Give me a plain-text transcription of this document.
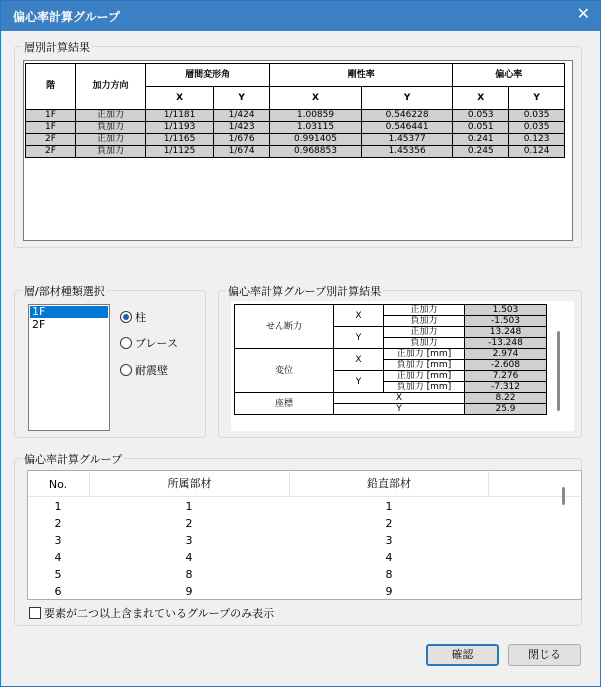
偏心率計算グループ	✕
層別計算結果
階	加力方向	層間変形角		剛性率		偏心率	
		X	Y	X	Y	X	Y
1F	正加力	1/1181	1/424	1.00859	0.546228	0.053	0.035
1F	負加力	1/1193	1/423	1.03115	0.546441	0.051	0.035
2F	正加力	1/1165	1/676	0.991405	1.45377	0.241	0.123
2F	負加力	1/1125	1/674	0.968853	1.45356	0.245	0.124
層/部材種類選択
1F
2F
柱
ブレース
耐震壁
偏心率計算グループ別計算結果
せん断力	X	正加力	1.503
		負加力	-1.503
	Y	正加力	13.248
		負加力	-13.248
変位	X	正加力 [mm]	2.974
		負加力 [mm]	-2.608
	Y	正加力 [mm]	7.276
		負加力 [mm]	-7.312
座標	X		8.22
	Y		25.9
偏心率計算グループ
No.	所属部材	鉛直部材
1	1	1
2	2	2
3	3	3
4	4	4
5	8	8
6	9	9
要素が二つ以上含まれているグループのみ表示
確認	閉じる
